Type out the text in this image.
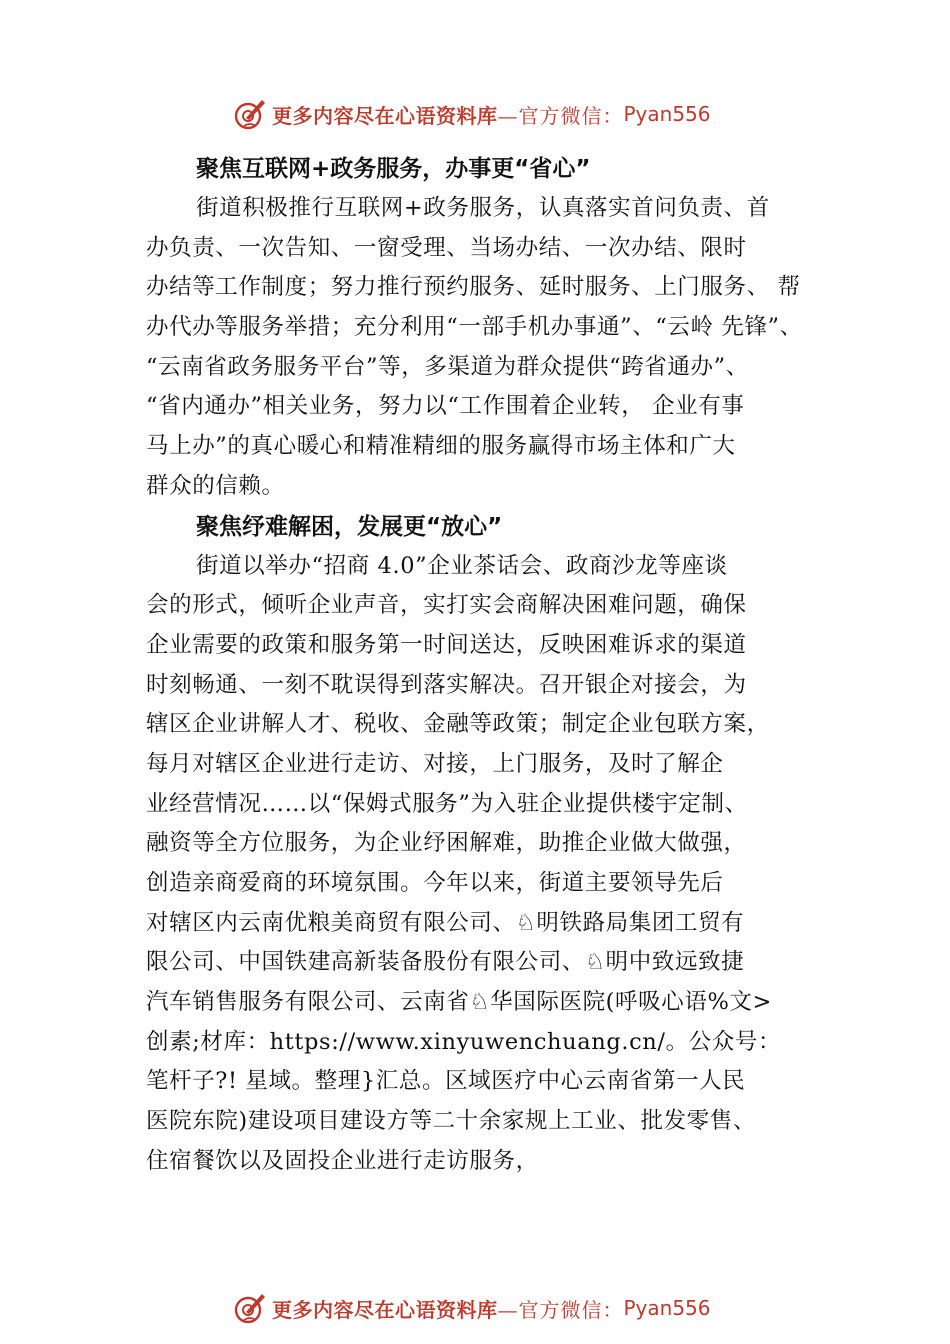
更多内容尽在心语资料库 —官方微信： Pyan556

聚焦互联网+政务服务，办事更“省心”

街道积极推行互联网+政务服务，认真落实首问负责、首

办负责、一次告知、一窗受理、当场办结、一次办结、限时

办结等工作制度；努力推行预约服务、延时服务、上门服务、 帮

办代办等服务举措；充分利用“一部手机办事通”、“云岭 先锋”、

“云南省政务服务平台”等，多渠道为群众提供“跨省通办”、

“省内通办”相关业务，努力以“工作围着企业转， 企业有事

马上办”的真心暖心和精准精细的服务赢得市场主体和广大

群众的信赖。

聚焦纾难解困，发展更“放心”

街道以举办“招商 4.0”企业茶话会、政商沙龙等座谈

会的形式，倾听企业声音，实打实会商解决困难问题，确保

企业需要的政策和服务第一时间送达，反映困难诉求的渠道

时刻畅通、一刻不耽误得到落实解决。召开银企对接会，为

辖区企业讲解人才、税收、金融等政策；制定企业包联方案，

每月对辖区企业进行走访、对接，上门服务，及时了解企

业经营情况……以“保姆式服务”为入驻企业提供楼宇定制、

融资等全方位服务，为企业纾困解难，助推企业做大做强，

创造亲商爱商的环境氛围。今年以来，街道主要领导先后

对辖区内云南优粮美商贸有限公司、♘明铁路局集团工贸有

限公司、中国铁建高新装备股份有限公司、♘明中致远致捷

汽车销售服务有限公司、云南省♘华国际医院(呼吸心语%文>

创素;材库：https://www.xinyuwenchuang.cn/。公众号：

笔杆子?! 星域。整理}汇总。区域医疗中心云南省第一人民

医院东院)建设项目建设方等二十余家规上工业、批发零售、

住宿餐饮以及固投企业进行走访服务，

更多内容尽在心语资料库 —官方微信： Pyan556
